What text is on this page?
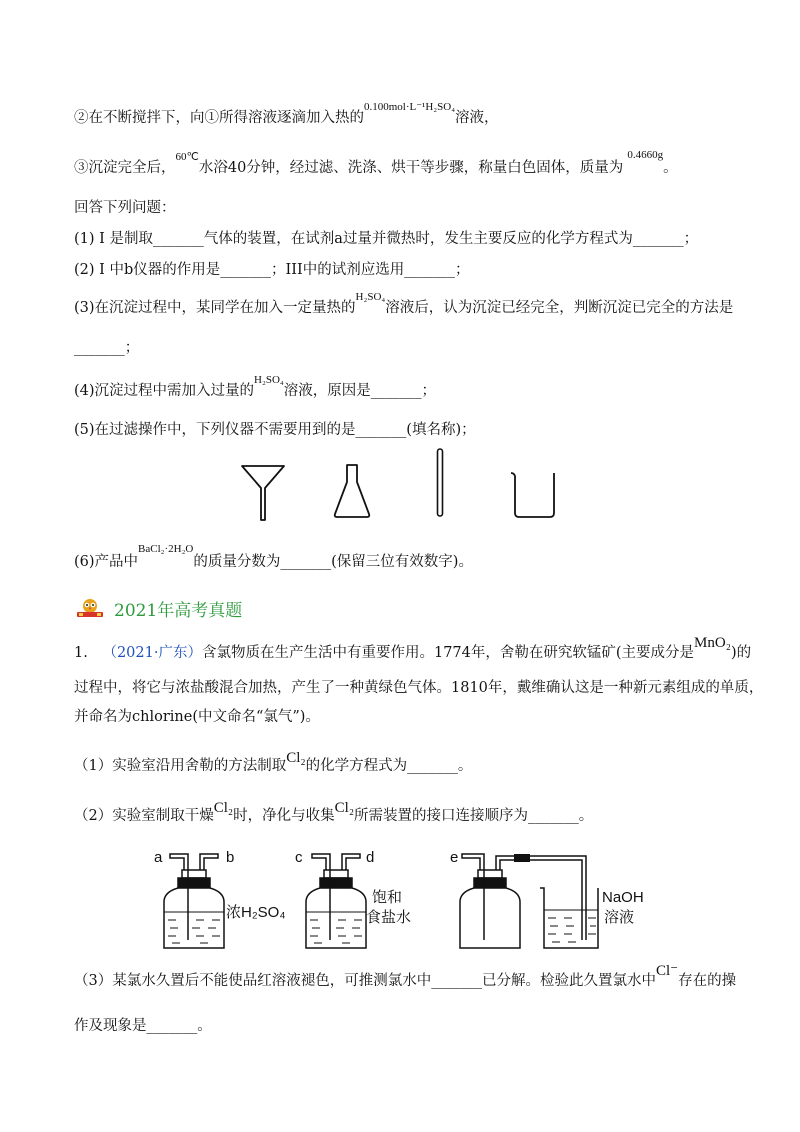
②在不断搅拌下，向①所得溶液逐滴加入热的$^{0.100mol\cdot L^{-1}H_2SO_4}$溶液，
③沉淀完全后，$^{60℃}$水浴40分钟，经过滤、洗涤、烘干等步骤，称量白色固体，质量为$^{0.4660g}$。
回答下列问题：
(1) Ⅰ 是制取_______气体的装置，在试剂a过量并微热时，发生主要反应的化学方程式为_______；
(2) Ⅰ 中b仪器的作用是_______；III中的试剂应选用_______；
(3)在沉淀过程中，某同学在加入一定量热的$^{H_2SO_4}$溶液后，认为沉淀已经完全，判断沉淀已完全的方法是
_______；
(4)沉淀过程中需加入过量的$^{H_2SO_4}$溶液，原因是_______；
(5)在过滤操作中，下列仪器不需要用到的是_______(填名称)；
(6)产品中$^{BaCl_2\cdot 2H_2O}$的质量分数为_______(保留三位有效数字)。
2021年高考真题
1. （2021·广东）含氯物质在生产生活中有重要作用。1774年，舍勒在研究软锰矿(主要成分是MnO₂)的
过程中，将它与浓盐酸混合加热，产生了一种黄绿色气体。1810年，戴维确认这是一种新元素组成的单质，
并命名为chlorine(中文命名“氯气”)。
（1）实验室沿用舍勒的方法制取Cl₂的化学方程式为_______。
（2）实验室制取干燥Cl₂时，净化与收集Cl₂所需装置的接口连接顺序为_______。
a	b	c	d	e
浓H₂SO₄
饱和
食盐水
NaOH
溶液
（3）某氯水久置后不能使品红溶液褪色，可推测氯水中_______已分解。检验此久置氯水中Cl⁻存在的操
作及现象是_______。
